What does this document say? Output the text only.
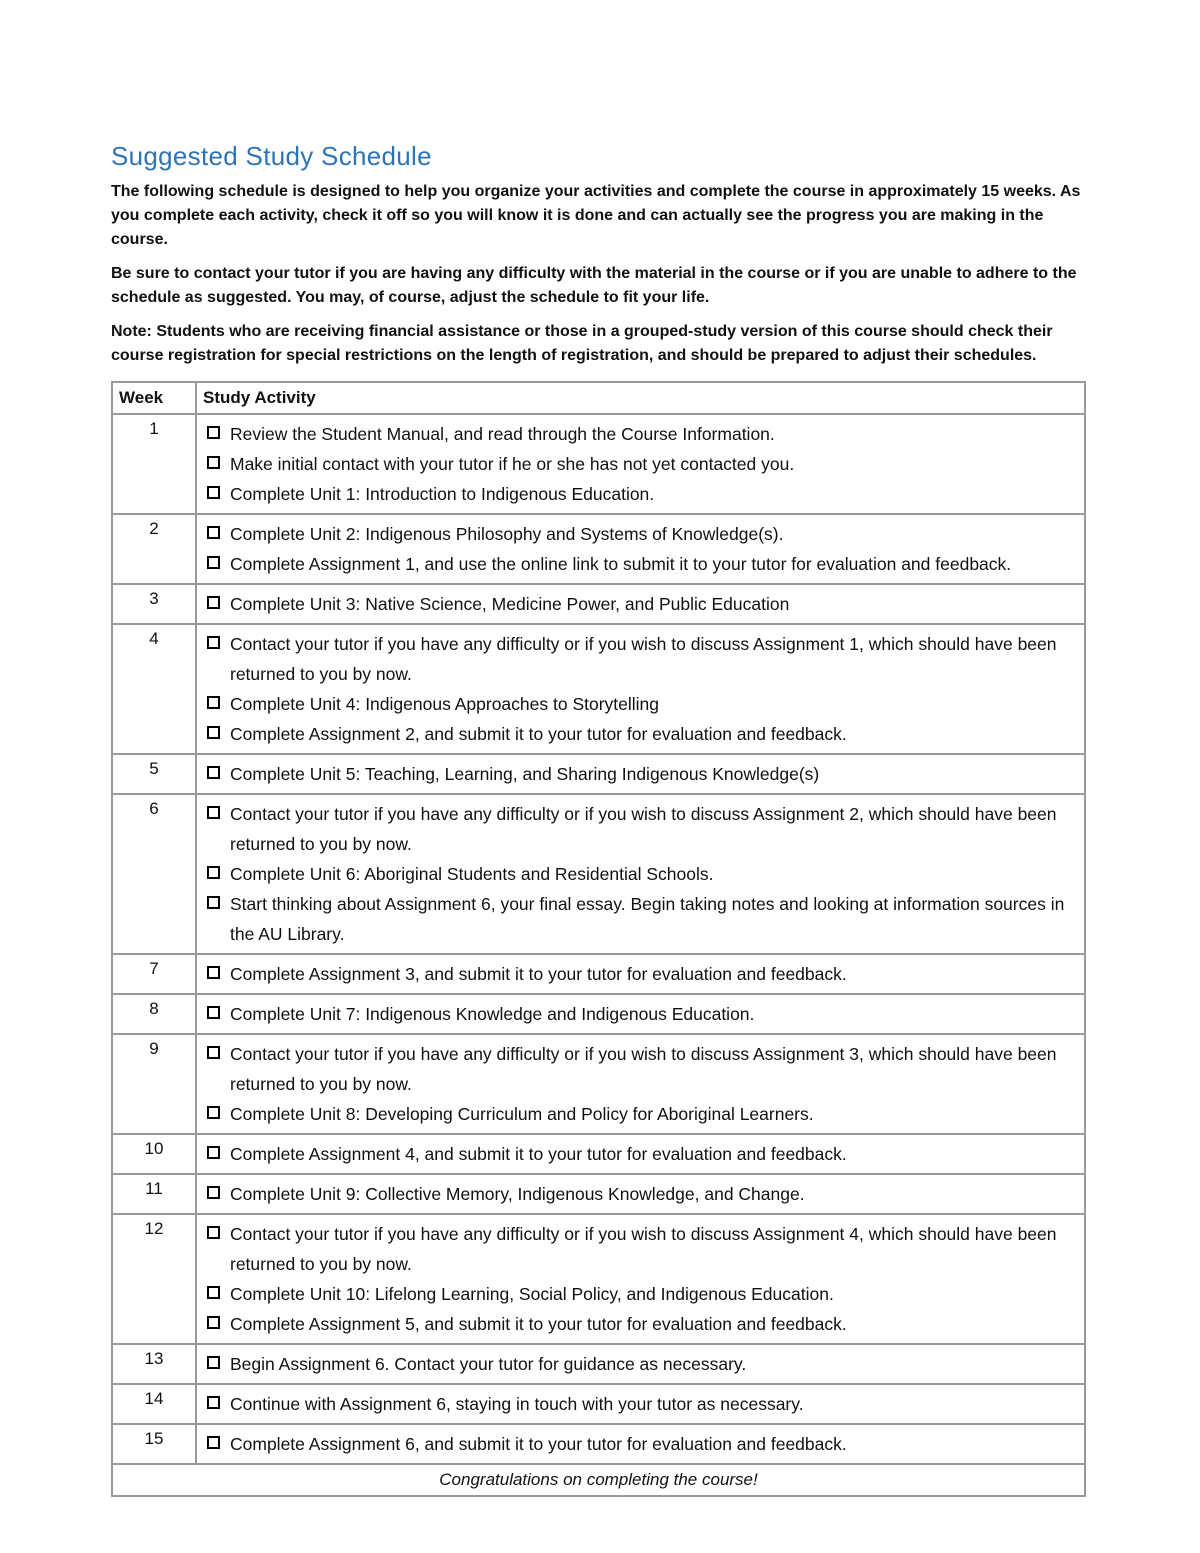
Suggested Study Schedule

The following schedule is designed to help you organize your activities and complete the course in approximately 15 weeks. As you complete each activity, check it off so you will know it is done and can actually see the progress you are making in the course.

Be sure to contact your tutor if you are having any difficulty with the material in the course or if you are unable to adhere to the schedule as suggested. You may, of course, adjust the schedule to fit your life.

Note: Students who are receiving financial assistance or those in a grouped-study version of this course should check their course registration for special restrictions on the length of registration, and should be prepared to adjust their schedules.

Week	Study Activity
1	Review the Student Manual, and read through the Course Information.
Make initial contact with your tutor if he or she has not yet contacted you.
Complete Unit 1: Introduction to Indigenous Education.

2	Complete Unit 2: Indigenous Philosophy and Systems of Knowledge(s).
Complete Assignment 1, and use the online link to submit it to your tutor for evaluation and feedback.

3	Complete Unit 3: Native Science, Medicine Power, and Public Education

4	Contact your tutor if you have any difficulty or if you wish to discuss Assignment 1, which should have been returned to you by now.
Complete Unit 4: Indigenous Approaches to Storytelling
Complete Assignment 2, and submit it to your tutor for evaluation and feedback.

5	Complete Unit 5: Teaching, Learning, and Sharing Indigenous Knowledge(s)

6	Contact your tutor if you have any difficulty or if you wish to discuss Assignment 2, which should have been returned to you by now.
Complete Unit 6: Aboriginal Students and Residential Schools.
Start thinking about Assignment 6, your final essay. Begin taking notes and looking at information sources in the AU Library.

7	Complete Assignment 3, and submit it to your tutor for evaluation and feedback.

8	Complete Unit 7: Indigenous Knowledge and Indigenous Education.

9	Contact your tutor if you have any difficulty or if you wish to discuss Assignment 3, which should have been returned to you by now.
Complete Unit 8: Developing Curriculum and Policy for Aboriginal Learners.

10	Complete Assignment 4, and submit it to your tutor for evaluation and feedback.

11	Complete Unit 9: Collective Memory, Indigenous Knowledge, and Change.

12	Contact your tutor if you have any difficulty or if you wish to discuss Assignment 4, which should have been returned to you by now.
Complete Unit 10: Lifelong Learning, Social Policy, and Indigenous Education.
Complete Assignment 5, and submit it to your tutor for evaluation and feedback.

13	Begin Assignment 6. Contact your tutor for guidance as necessary.

14	Continue with Assignment 6, staying in touch with your tutor as necessary.

15	Complete Assignment 6, and submit it to your tutor for evaluation and feedback.

Congratulations on completing the course!	
